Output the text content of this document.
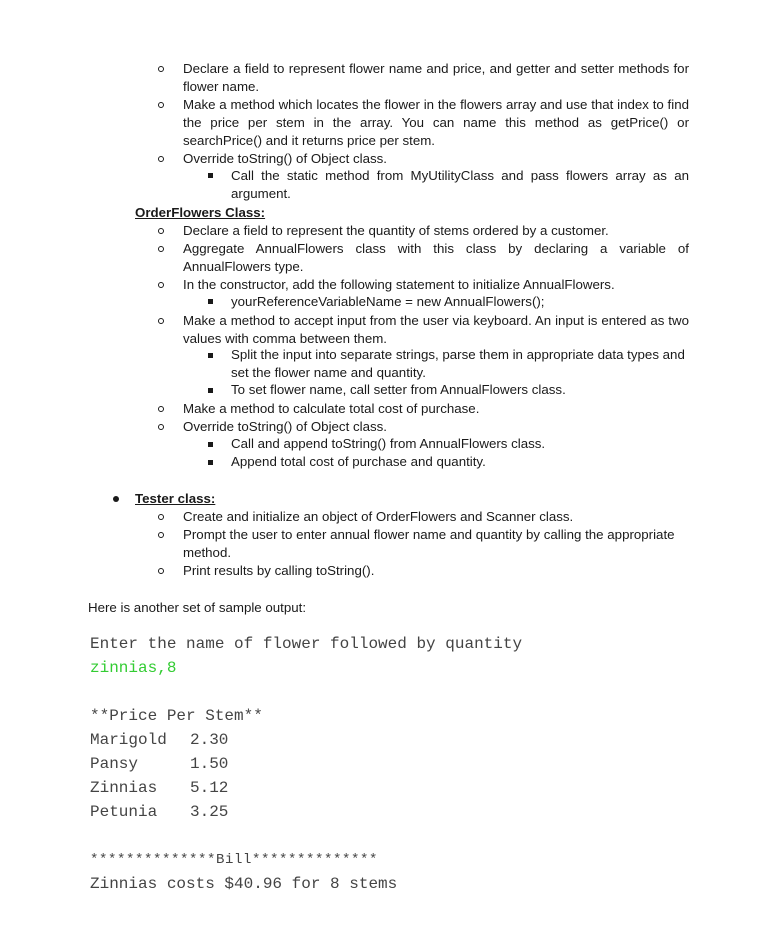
Declare a field to represent flower name and price, and getter and setter methods for flower name.
Make a method which locates the flower in the flowers array and use that index to find the price per stem in the array. You can name this method as getPrice() or searchPrice() and it returns price per stem.
Override toString() of Object class.
Call the static method from MyUtilityClass and pass flowers array as an argument.
OrderFlowers Class:
Declare a field to represent the quantity of stems ordered by a customer.
Aggregate AnnualFlowers class with this class by declaring a variable of AnnualFlowers type.
In the constructor, add the following statement to initialize AnnualFlowers.
yourReferenceVariableName = new AnnualFlowers();
Make a method to accept input from the user via keyboard. An input is entered as two values with comma between them.
Split the input into separate strings, parse them in appropriate data types and set the flower name and quantity.
To set flower name, call setter from AnnualFlowers class.
Make a method to calculate total cost of purchase.
Override toString() of Object class.
Call and append toString() from AnnualFlowers class.
Append total cost of purchase and quantity.
Tester class:
Create and initialize an object of OrderFlowers and Scanner class.
Prompt the user to enter annual flower name and quantity by calling the appropriate method.
Print results by calling toString().
Here is another set of sample output:
Enter the name of flower followed by quantity
zinnias,8
**Price Per Stem**
Marigold 2.30
Pansy	1.50
Zinnias 5.12
Petunia 3.25
**************Bill**************
Zinnias costs $40.96 for 8 stems
